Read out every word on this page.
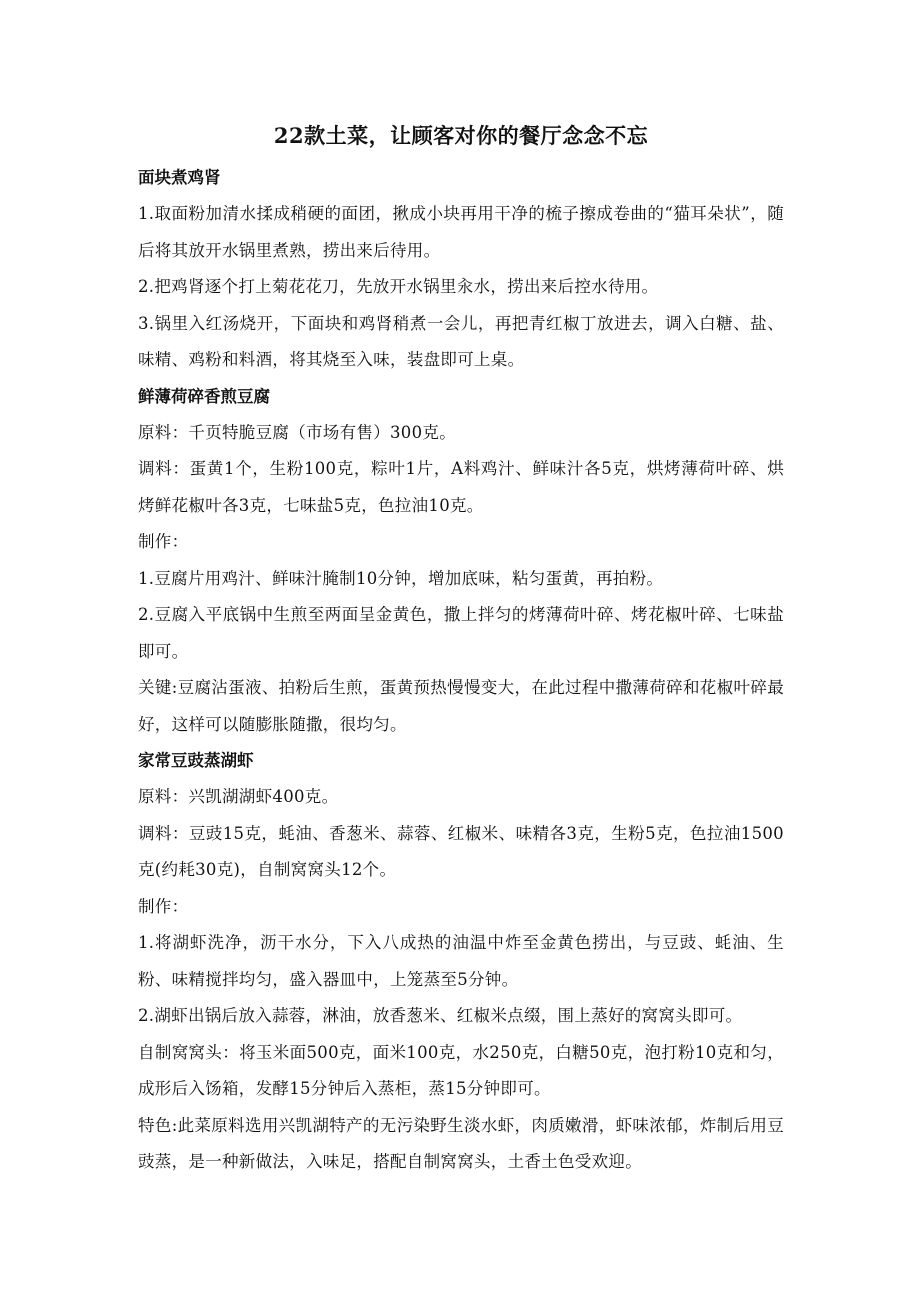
22款土菜，让顾客对你的餐厅念念不忘
面块煮鸡肾

1.取面粉加清水揉成稍硬的面团，揪成小块再用干净的梳子擦成卷曲的“猫耳朵状”，随后将其放开水锅里煮熟，捞出来后待用。

2.把鸡肾逐个打上菊花花刀，先放开水锅里汆水，捞出来后控水待用。

3.锅里入红汤烧开，下面块和鸡肾稍煮一会儿，再把青红椒丁放进去，调入白糖、盐、味精、鸡粉和料酒，将其烧至入味，装盘即可上桌。

鲜薄荷碎香煎豆腐

原料：千页特脆豆腐（市场有售）300克。

调料：蛋黄1个，生粉100克，粽叶1片，A料鸡汁、鲜味汁各5克，烘烤薄荷叶碎、烘烤鲜花椒叶各3克，七味盐5克，色拉油10克。

制作：

1.豆腐片用鸡汁、鲜味汁腌制10分钟，增加底味，粘匀蛋黄，再拍粉。

2.豆腐入平底锅中生煎至两面呈金黄色，撒上拌匀的烤薄荷叶碎、烤花椒叶碎、七味盐即可。

关键:豆腐沾蛋液、拍粉后生煎，蛋黄预热慢慢变大，在此过程中撒薄荷碎和花椒叶碎最好，这样可以随膨胀随撒，很均匀。

家常豆豉蒸湖虾

原料：兴凯湖湖虾400克。

调料：豆豉15克，蚝油、香葱米、蒜蓉、红椒米、味精各3克，生粉5克，色拉油1500克(约耗30克)，自制窝窝头12个。

制作：

1.将湖虾洗净，沥干水分，下入八成热的油温中炸至金黄色捞出，与豆豉、蚝油、生粉、味精搅拌均匀，盛入器皿中，上笼蒸至5分钟。

2.湖虾出锅后放入蒜蓉，淋油，放香葱米、红椒米点缀，围上蒸好的窝窝头即可。

自制窝窝头：将玉米面500克，面米100克，水250克，白糖50克，泡打粉10克和匀，成形后入饧箱，发酵15分钟后入蒸柜，蒸15分钟即可。

特色:此菜原料选用兴凯湖特产的无污染野生淡水虾，肉质嫩滑，虾味浓郁，炸制后用豆豉蒸，是一种新做法，入味足，搭配自制窝窝头，土香土色受欢迎。
